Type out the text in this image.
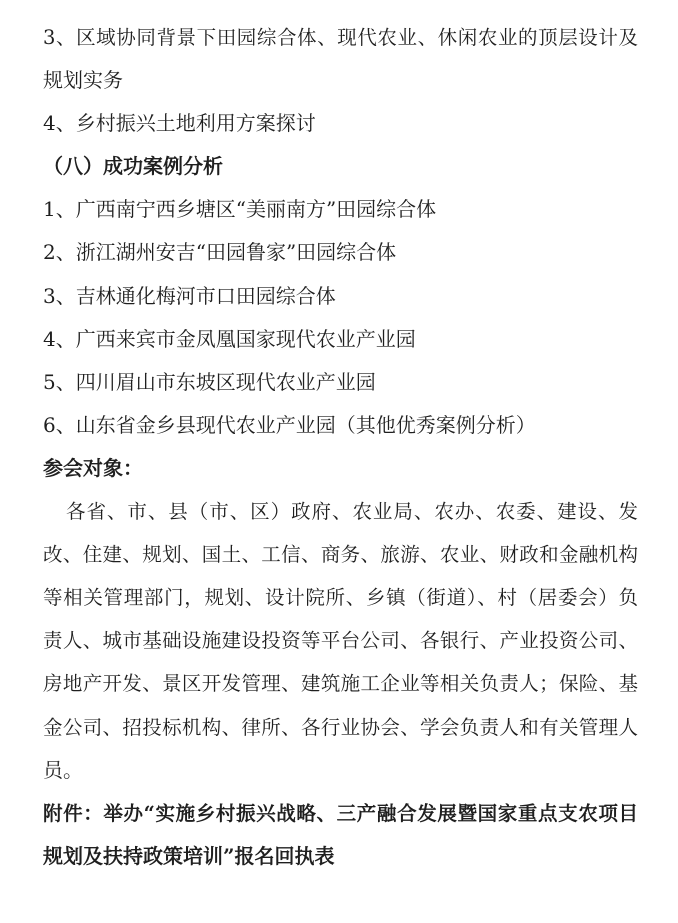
3、区域协同背景下田园综合体、现代农业、休闲农业的顶层设计及
规划实务
4、乡村振兴土地利用方案探讨
（八）成功案例分析
1、广西南宁西乡塘区“美丽南方”田园综合体
2、浙江湖州安吉“田园鲁家”田园综合体
3、吉林通化梅河市口田园综合体
4、广西来宾市金凤凰国家现代农业产业园
5、四川眉山市东坡区现代农业产业园
6、山东省金乡县现代农业产业园（其他优秀案例分析）
参会对象：
各省、市、县（市、区）政府、农业局、农办、农委、建设、发
改、住建、规划、国土、工信、商务、旅游、农业、财政和金融机构
等相关管理部门，规划、设计院所、乡镇（街道）、村（居委会）负
责人、城市基础设施建设投资等平台公司、各银行、产业投资公司、
房地产开发、景区开发管理、建筑施工企业等相关负责人；保险、基
金公司、招投标机构、律所、各行业协会、学会负责人和有关管理人
员。
附件：举办“实施乡村振兴战略、三产融合发展暨国家重点支农项目
规划及扶持政策培训”报名回执表
